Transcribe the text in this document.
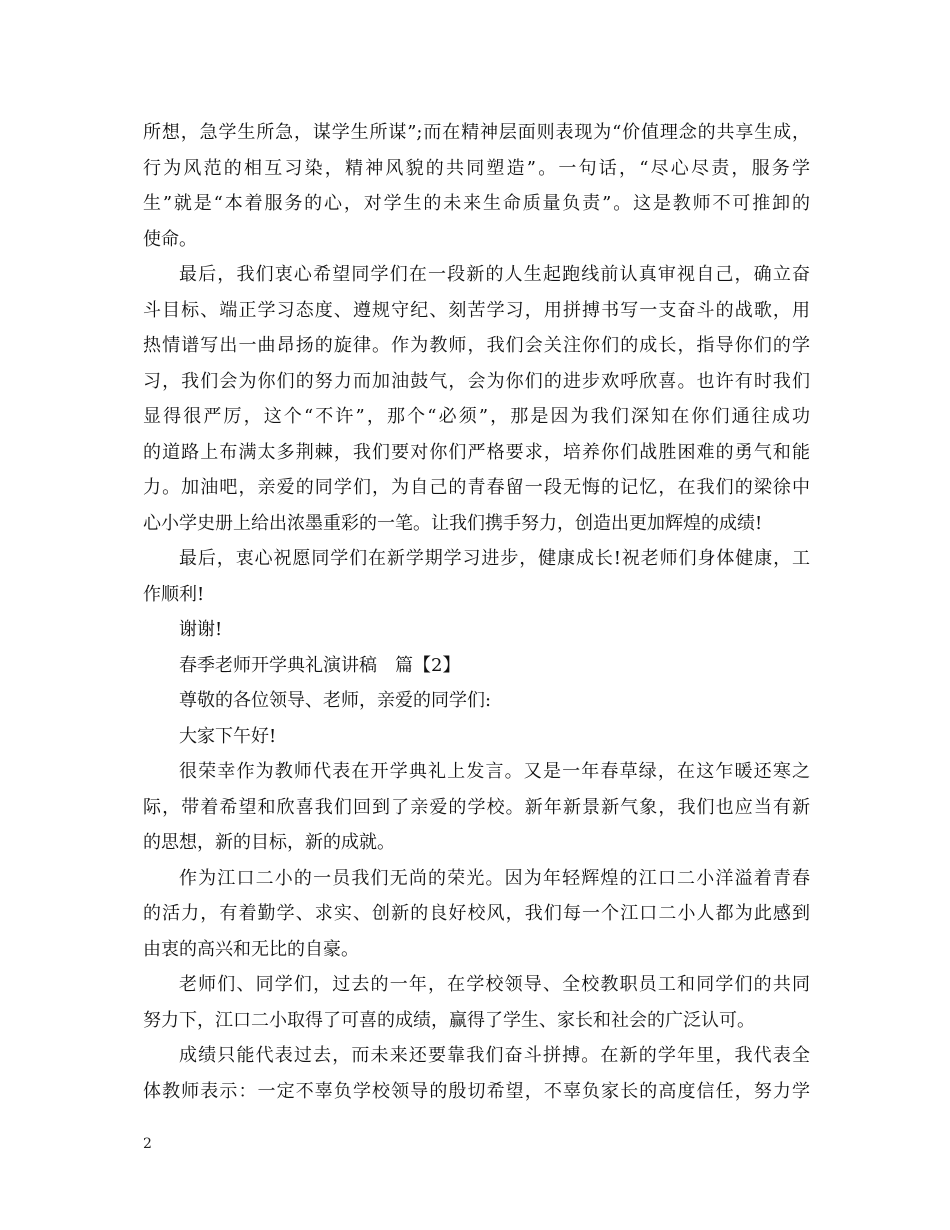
所想，急学生所急，谋学生所谋”;而在精神层面则表现为“价值理念的共享生成，
行为风范的相互习染，精神风貌的共同塑造”。一句话，“尽心尽责，服务学
生”就是“本着服务的心，对学生的未来生命质量负责”。这是教师不可推卸的
使命。
最后，我们衷心希望同学们在一段新的人生起跑线前认真审视自己，确立奋
斗目标、端正学习态度、遵规守纪、刻苦学习，用拼搏书写一支奋斗的战歌，用
热情谱写出一曲昂扬的旋律。作为教师，我们会关注你们的成长，指导你们的学
习，我们会为你们的努力而加油鼓气，会为你们的进步欢呼欣喜。也许有时我们
显得很严厉，这个“不许”，那个“必须”，那是因为我们深知在你们通往成功
的道路上布满太多荆棘，我们要对你们严格要求，培养你们战胜困难的勇气和能
力。加油吧，亲爱的同学们，为自己的青春留一段无悔的记忆，在我们的梁徐中
心小学史册上给出浓墨重彩的一笔。让我们携手努力，创造出更加辉煌的成绩!
最后，衷心祝愿同学们在新学期学习进步，健康成长!祝老师们身体健康，工
作顺利!
谢谢!
春季老师开学典礼演讲稿　篇【2】
尊敬的各位领导、老师，亲爱的同学们:
大家下午好!
很荣幸作为教师代表在开学典礼上发言。又是一年春草绿，在这乍暖还寒之
际，带着希望和欣喜我们回到了亲爱的学校。新年新景新气象，我们也应当有新
的思想，新的目标，新的成就。
作为江口二小的一员我们无尚的荣光。因为年轻辉煌的江口二小洋溢着青春
的活力，有着勤学、求实、创新的良好校风，我们每一个江口二小人都为此感到
由衷的高兴和无比的自豪。
老师们、同学们，过去的一年，在学校领导、全校教职员工和同学们的共同
努力下，江口二小取得了可喜的成绩，赢得了学生、家长和社会的广泛认可。
成绩只能代表过去，而未来还要靠我们奋斗拼搏。在新的学年里，我代表全
体教师表示：一定不辜负学校领导的殷切希望，不辜负家长的高度信任，努力学
2
